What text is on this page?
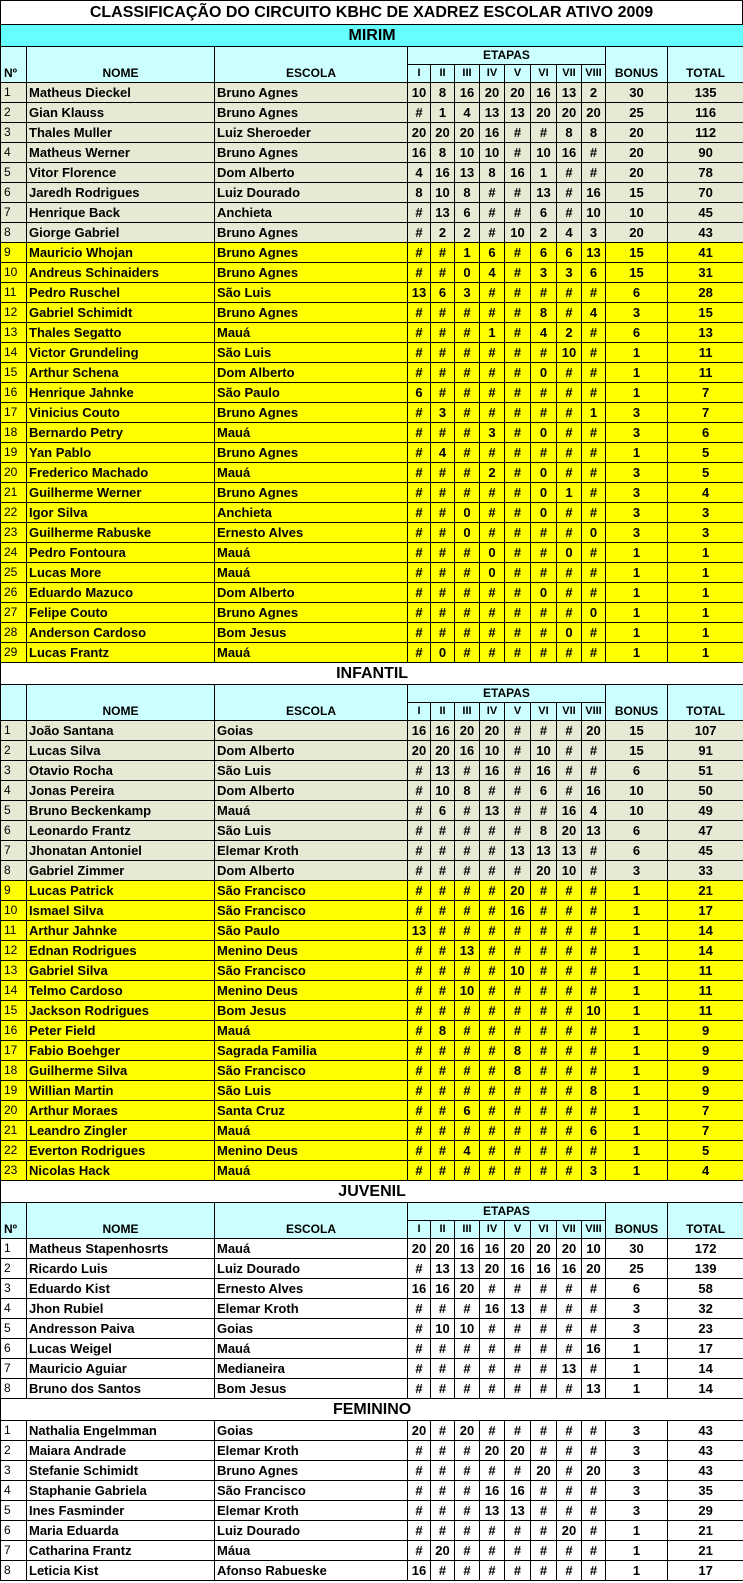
CLASSIFICAÇÃO DO CIRCUITO KBHC DE XADREZ ESCOLAR ATIVO 2009
MIRIM												
Nº	NOME	ESCOLA	ETAPAS								BONUS	TOTAL
			I	II	III	IV	V	VI	VII	VIII		
1	Matheus Dieckel	Bruno Agnes	10	8	16	20	20	16	13	2	30	135
2	Gian Klauss	Bruno Agnes	#	1	4	13	13	20	20	20	25	116
3	Thales Muller	Luiz Sheroeder	20	20	20	16	#	#	8	8	20	112
4	Matheus Werner	Bruno Agnes	16	8	10	10	#	10	16	#	20	90
5	Vitor Florence	Dom Alberto	4	16	13	8	16	1	#	#	20	78
6	Jaredh Rodrigues	Luiz Dourado	8	10	8	#	#	13	#	16	15	70
7	Henrique Back	Anchieta	#	13	6	#	#	6	#	10	10	45
8	Giorge Gabriel	Bruno Agnes	#	2	2	#	10	2	4	3	20	43
9	Mauricio Whojan	Bruno Agnes	#	#	1	6	#	6	6	13	15	41
10	Andreus Schinaiders	Bruno Agnes	#	#	0	4	#	3	3	6	15	31
11	Pedro Ruschel	São Luis	13	6	3	#	#	#	#	#	6	28
12	Gabriel Schimidt	Bruno Agnes	#	#	#	#	#	8	#	4	3	15
13	Thales Segatto	Mauá	#	#	#	1	#	4	2	#	6	13
14	Victor Grundeling	São Luis	#	#	#	#	#	#	10	#	1	11
15	Arthur Schena	Dom Alberto	#	#	#	#	#	0	#	#	1	11
16	Henrique Jahnke	São Paulo	6	#	#	#	#	#	#	#	1	7
17	Vinicius Couto	Bruno Agnes	#	3	#	#	#	#	#	1	3	7
18	Bernardo Petry	Mauá	#	#	#	3	#	0	#	#	3	6
19	Yan Pablo	Bruno Agnes	#	4	#	#	#	#	#	#	1	5
20	Frederico Machado	Mauá	#	#	#	2	#	0	#	#	3	5
21	Guilherme Werner	Bruno Agnes	#	#	#	#	#	0	1	#	3	4
22	Igor Silva	Anchieta	#	#	0	#	#	0	#	#	3	3
23	Guilherme Rabuske	Ernesto Alves	#	#	0	#	#	#	#	0	3	3
24	Pedro Fontoura	Mauá	#	#	#	0	#	#	0	#	1	1
25	Lucas More	Mauá	#	#	#	0	#	#	#	#	1	1
26	Eduardo Mazuco	Dom Alberto	#	#	#	#	#	0	#	#	1	1
27	Felipe Couto	Bruno Agnes	#	#	#	#	#	#	#	0	1	1
28	Anderson Cardoso	Bom Jesus	#	#	#	#	#	#	0	#	1	1
29	Lucas Frantz	Mauá	#	0	#	#	#	#	#	#	1	1
INFANTIL												
	NOME	ESCOLA	ETAPAS								BONUS	TOTAL
			I	II	III	IV	V	VI	VII	VIII		
1	João Santana	Goias	16	16	20	20	#	#	#	20	15	107
2	Lucas Silva	Dom Alberto	20	20	16	10	#	10	#	#	15	91
3	Otavio Rocha	São Luis	#	13	#	16	#	16	#	#	6	51
4	Jonas Pereira	Dom Alberto	#	10	8	#	#	6	#	16	10	50
5	Bruno Beckenkamp	Mauá	#	6	#	13	#	#	16	4	10	49
6	Leonardo Frantz	São Luis	#	#	#	#	#	8	20	13	6	47
7	Jhonatan Antoniel	Elemar Kroth	#	#	#	#	13	13	13	#	6	45
8	Gabriel Zimmer	Dom Alberto	#	#	#	#	#	20	10	#	3	33
9	Lucas Patrick	São Francisco	#	#	#	#	20	#	#	#	1	21
10	Ismael Silva	São Francisco	#	#	#	#	16	#	#	#	1	17
11	Arthur Jahnke	São Paulo	13	#	#	#	#	#	#	#	1	14
12	Ednan Rodrigues	Menino Deus	#	#	13	#	#	#	#	#	1	14
13	Gabriel Silva	São Francisco	#	#	#	#	10	#	#	#	1	11
14	Telmo Cardoso	Menino Deus	#	#	10	#	#	#	#	#	1	11
15	Jackson Rodrigues	Bom Jesus	#	#	#	#	#	#	#	10	1	11
16	Peter Field	Mauá	#	8	#	#	#	#	#	#	1	9
17	Fabio Boehger	Sagrada Familia	#	#	#	#	8	#	#	#	1	9
18	Guilherme Silva	São Francisco	#	#	#	#	8	#	#	#	1	9
19	Willian Martin	São Luis	#	#	#	#	#	#	#	8	1	9
20	Arthur Moraes	Santa Cruz	#	#	6	#	#	#	#	#	1	7
21	Leandro Zingler	Mauá	#	#	#	#	#	#	#	6	1	7
22	Everton Rodrigues	Menino Deus	#	#	4	#	#	#	#	#	1	5
23	Nicolas Hack	Mauá	#	#	#	#	#	#	#	3	1	4
JUVENIL												
Nº	NOME	ESCOLA	ETAPAS								BONUS	TOTAL
			I	II	III	IV	V	VI	VII	VIII		
1	Matheus Stapenhosrts	Mauá	20	20	16	16	20	20	20	10	30	172
2	Ricardo Luis	Luiz Dourado	#	13	13	20	16	16	16	20	25	139
3	Eduardo Kist	Ernesto Alves	16	16	20	#	#	#	#	#	6	58
4	Jhon Rubiel	Elemar Kroth	#	#	#	16	13	#	#	#	3	32
5	Andresson Paiva	Goias	#	10	10	#	#	#	#	#	3	23
6	Lucas Weigel	Mauá	#	#	#	#	#	#	#	16	1	17
7	Mauricio Aguiar	Medianeira	#	#	#	#	#	#	13	#	1	14
8	Bruno dos Santos	Bom Jesus	#	#	#	#	#	#	#	13	1	14
FEMININO												
1	Nathalia Engelmman	Goias	20	#	20	#	#	#	#	#	3	43
2	Maiara Andrade	Elemar Kroth	#	#	#	20	20	#	#	#	3	43
3	Stefanie Schimidt	Bruno Agnes	#	#	#	#	#	20	#	20	3	43
4	Staphanie Gabriela	São Francisco	#	#	#	16	16	#	#	#	3	35
5	Ines Fasminder	Elemar Kroth	#	#	#	13	13	#	#	#	3	29
6	Maria Eduarda	Luiz Dourado	#	#	#	#	#	#	20	#	1	21
7	Catharina Frantz	Máua	#	20	#	#	#	#	#	#	1	21
8	Leticia Kist	Afonso Rabueske	16	#	#	#	#	#	#	#	1	17
